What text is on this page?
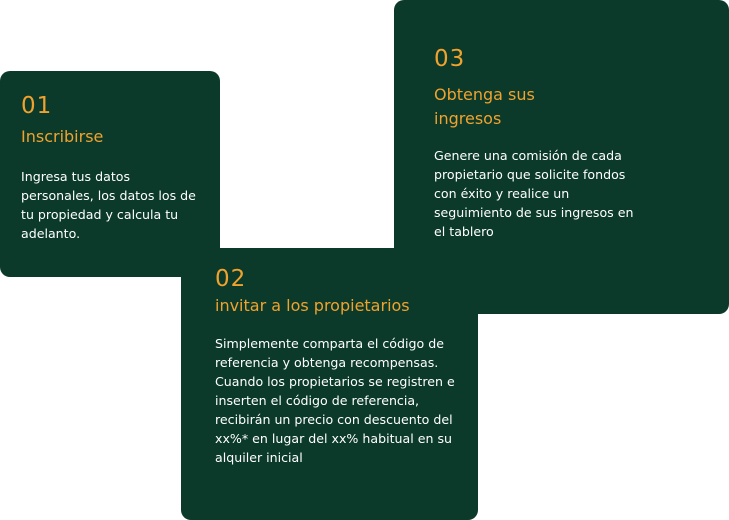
01
Inscribirse

Ingresa tus datos personales, los datos los de tu propiedad y calcula tu adelanto.

03
Obtenga sus ingresos

Genere una comisión de cada propietario que solicite fondos con éxito y realice un seguimiento de sus ingresos en el tablero

02
invitar a los propietarios

Simplemente comparta el código de referencia y obtenga recompensas. Cuando los propietarios se registren e inserten el código de referencia, recibirán un precio con descuento del xx%* en lugar del xx% habitual en su alquiler inicial
